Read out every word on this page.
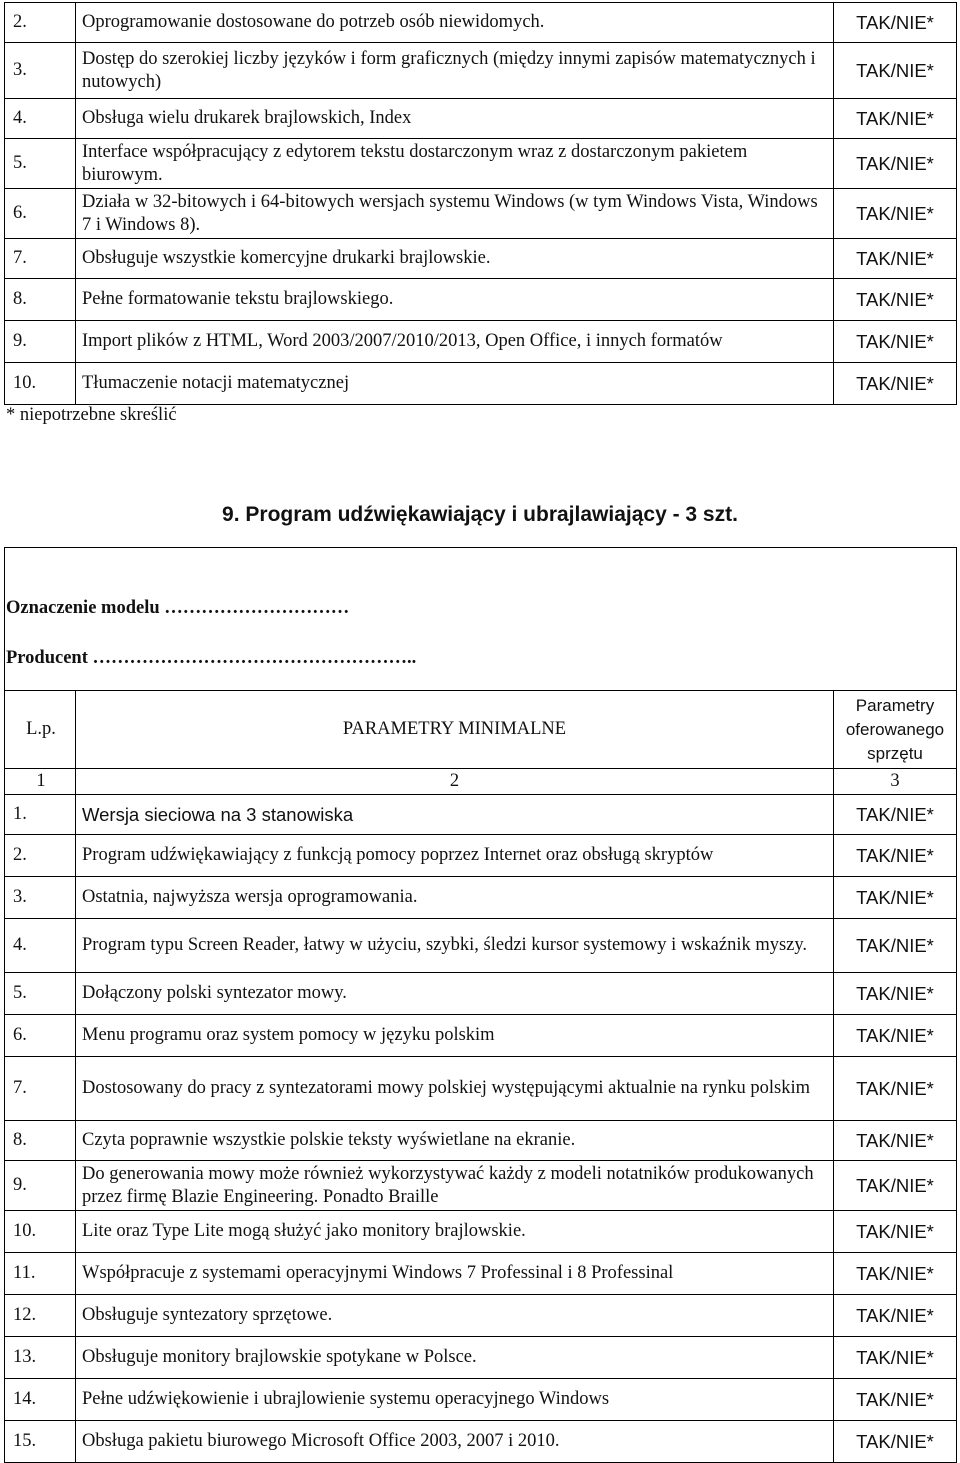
2.	Oprogramowanie dostosowane do potrzeb osób niewidomych.	TAK/NIE*
3.	Dostęp do szerokiej liczby języków i form graficznych (między innymi zapisów matematycznych i nutowych)	TAK/NIE*
4.	Obsługa wielu drukarek brajlowskich, Index	TAK/NIE*
5.	Interface współpracujący z edytorem tekstu dostarczonym wraz z dostarczonym pakietem biurowym.	TAK/NIE*
6.	Działa w 32-bitowych i 64-bitowych wersjach systemu Windows (w tym Windows Vista, Windows 7 i Windows 8).	TAK/NIE*
7.	Obsługuje wszystkie komercyjne drukarki brajlowskie.	TAK/NIE*
8.	Pełne formatowanie tekstu brajlowskiego.	TAK/NIE*
9.	Import plików z HTML, Word 2003/2007/2010/2013, Open Office, i innych formatów	TAK/NIE*
10.	Tłumaczenie notacji matematycznej	TAK/NIE*
* niepotrzebne skreślić
9. Program udźwiękawiający i ubrajlawiający - 3 szt.
Oznaczenie modelu …………………………
Producent ……………………………………………..
L.p.	PARAMETRY MINIMALNE	Parametry oferowanego sprzętu
1	2	3
1.	Wersja sieciowa na 3 stanowiska	TAK/NIE*
2.	Program udźwiękawiający z funkcją pomocy poprzez Internet oraz obsługą skryptów	TAK/NIE*
3.	Ostatnia, najwyższa wersja oprogramowania.	TAK/NIE*
4.	Program typu Screen Reader, łatwy w użyciu, szybki, śledzi kursor systemowy i wskaźnik myszy.	TAK/NIE*
5.	Dołączony polski syntezator mowy.	TAK/NIE*
6.	Menu programu oraz system pomocy w języku polskim	TAK/NIE*
7.	Dostosowany do pracy z syntezatorami mowy polskiej występującymi aktualnie na rynku polskim	TAK/NIE*
8.	Czyta poprawnie wszystkie polskie teksty wyświetlane na ekranie.	TAK/NIE*
9.	Do generowania mowy może również wykorzystywać każdy z modeli notatników produkowanych przez firmę Blazie Engineering. Ponadto Braille	TAK/NIE*
10.	Lite oraz Type Lite mogą służyć jako monitory brajlowskie.	TAK/NIE*
11.	Współpracuje z systemami operacyjnymi Windows 7 Professinal i 8 Professinal	TAK/NIE*
12.	Obsługuje syntezatory sprzętowe.	TAK/NIE*
13.	Obsługuje monitory brajlowskie spotykane w Polsce.	TAK/NIE*
14.	Pełne udźwiękowienie i ubrajlowienie systemu operacyjnego Windows	TAK/NIE*
15.	Obsługa pakietu biurowego Microsoft Office 2003, 2007 i 2010.	TAK/NIE*
